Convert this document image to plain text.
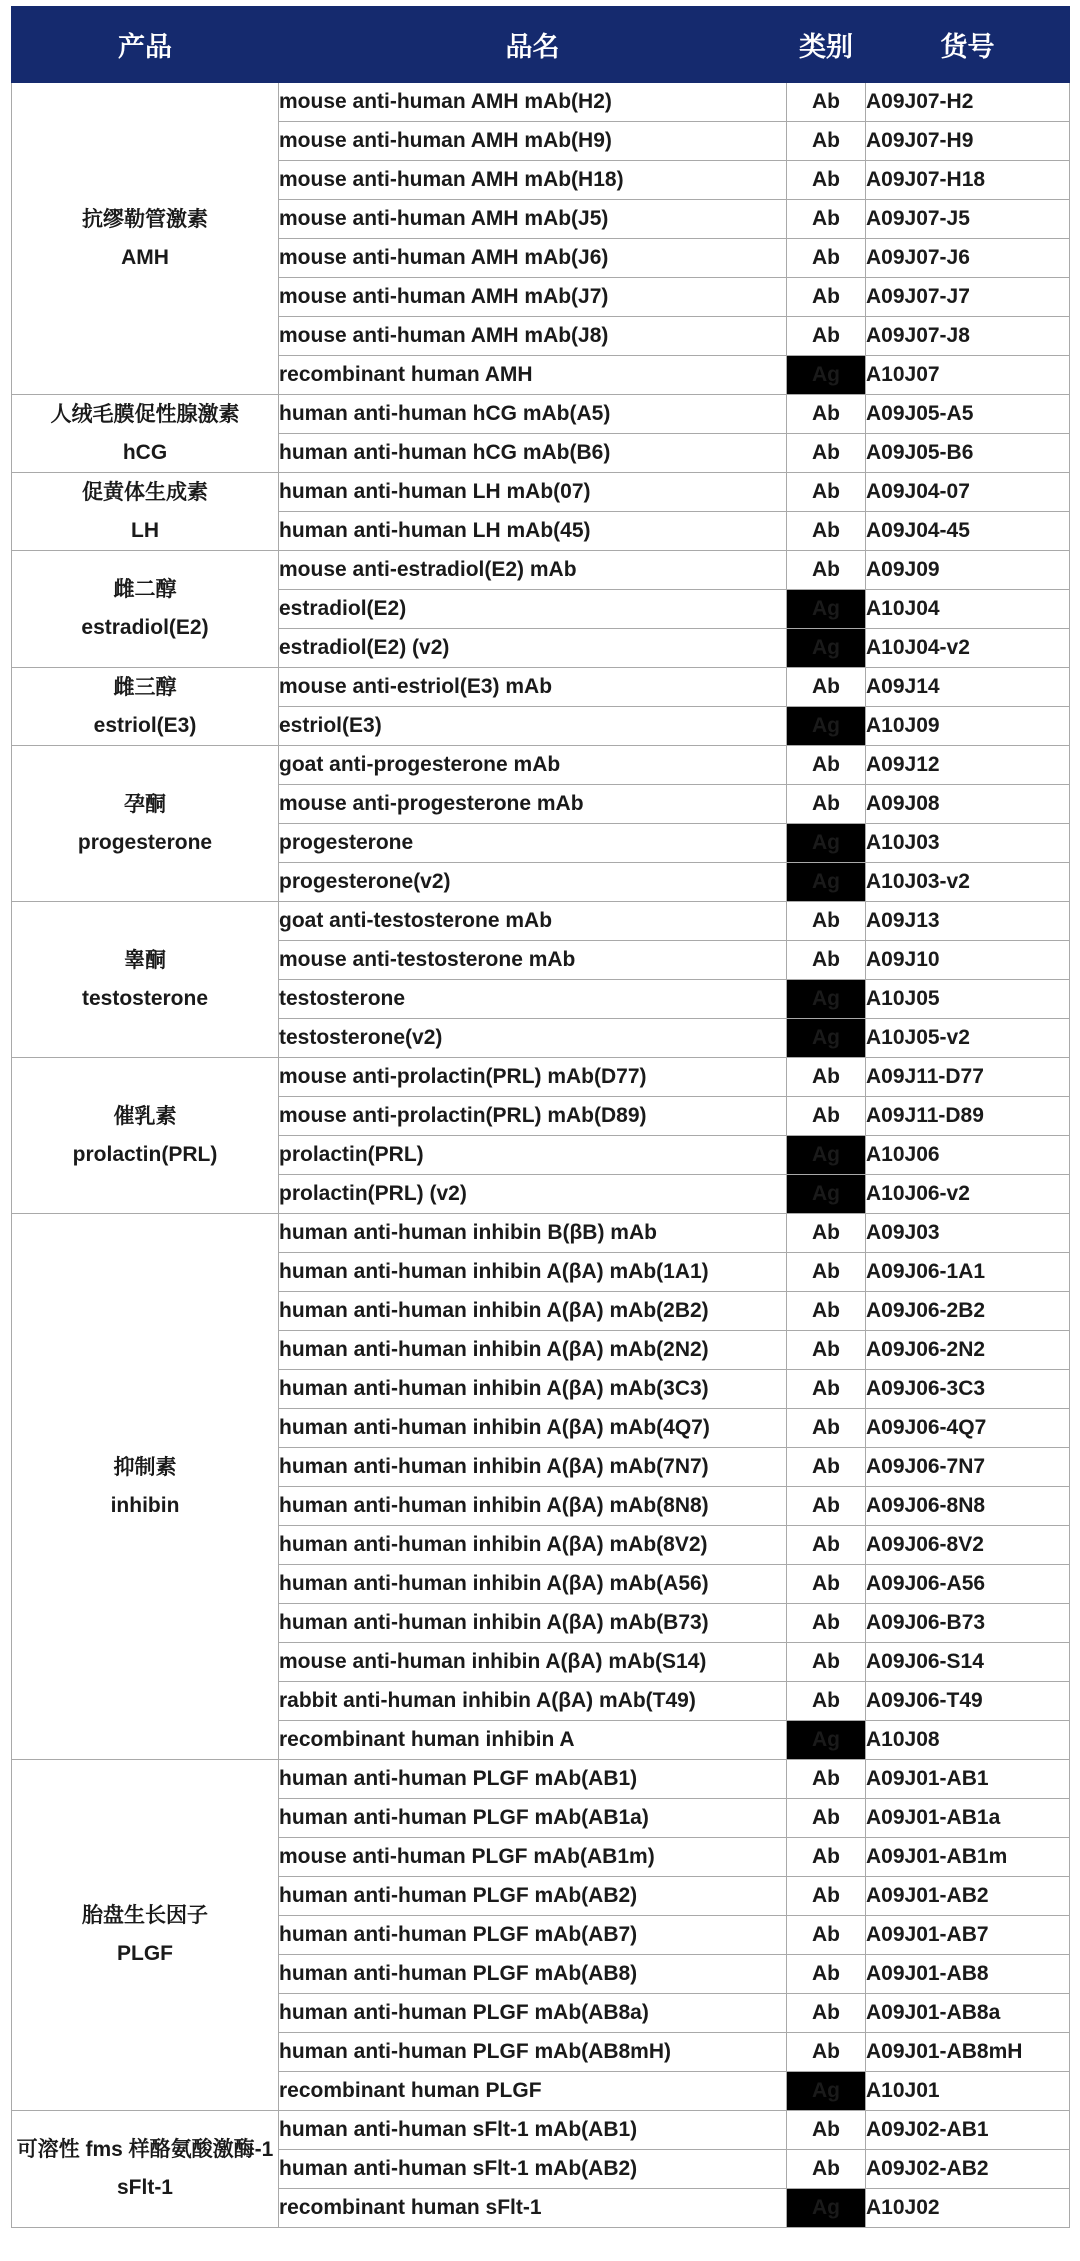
产品	品名	类别	货号

抗缪勒管激素
AMH	mouse anti-human AMH mAb(H2)	Ab	A09J07-H2
	mouse anti-human AMH mAb(H9)	Ab	A09J07-H9
	mouse anti-human AMH mAb(H18)	Ab	A09J07-H18
	mouse anti-human AMH mAb(J5)	Ab	A09J07-J5
	mouse anti-human AMH mAb(J6)	Ab	A09J07-J6
	mouse anti-human AMH mAb(J7)	Ab	A09J07-J7
	mouse anti-human AMH mAb(J8)	Ab	A09J07-J8
	recombinant human AMH	Ag	A10J07

人绒毛膜促性腺激素
hCG	human anti-human hCG mAb(A5)	Ab	A09J05-A5
	human anti-human hCG mAb(B6)	Ab	A09J05-B6

促黄体生成素
LH	human anti-human LH mAb(07)	Ab	A09J04-07
	human anti-human LH mAb(45)	Ab	A09J04-45

雌二醇
estradiol(E2)	mouse anti-estradiol(E2) mAb	Ab	A09J09
	estradiol(E2)	Ag	A10J04
	estradiol(E2) (v2)	Ag	A10J04-v2

雌三醇
estriol(E3)	mouse anti-estriol(E3) mAb	Ab	A09J14
	estriol(E3)	Ag	A10J09

孕酮
progesterone	goat anti-progesterone mAb	Ab	A09J12
	mouse anti-progesterone mAb	Ab	A09J08
	progesterone	Ag	A10J03
	progesterone(v2)	Ag	A10J03-v2

睾酮
testosterone	goat anti-testosterone mAb	Ab	A09J13
	mouse anti-testosterone mAb	Ab	A09J10
	testosterone	Ag	A10J05
	testosterone(v2)	Ag	A10J05-v2

催乳素
prolactin(PRL)	mouse anti-prolactin(PRL) mAb(D77)	Ab	A09J11-D77
	mouse anti-prolactin(PRL) mAb(D89)	Ab	A09J11-D89
	prolactin(PRL)	Ag	A10J06
	prolactin(PRL) (v2)	Ag	A10J06-v2

抑制素
inhibin	human anti-human inhibin B(βB) mAb	Ab	A09J03
	human anti-human inhibin A(βA) mAb(1A1)	Ab	A09J06-1A1
	human anti-human inhibin A(βA) mAb(2B2)	Ab	A09J06-2B2
	human anti-human inhibin A(βA) mAb(2N2)	Ab	A09J06-2N2
	human anti-human inhibin A(βA) mAb(3C3)	Ab	A09J06-3C3
	human anti-human inhibin A(βA) mAb(4Q7)	Ab	A09J06-4Q7
	human anti-human inhibin A(βA) mAb(7N7)	Ab	A09J06-7N7
	human anti-human inhibin A(βA) mAb(8N8)	Ab	A09J06-8N8
	human anti-human inhibin A(βA) mAb(8V2)	Ab	A09J06-8V2
	human anti-human inhibin A(βA) mAb(A56)	Ab	A09J06-A56
	human anti-human inhibin A(βA) mAb(B73)	Ab	A09J06-B73
	mouse anti-human inhibin A(βA) mAb(S14)	Ab	A09J06-S14
	rabbit anti-human inhibin A(βA) mAb(T49)	Ab	A09J06-T49
	recombinant human inhibin A	Ag	A10J08

胎盘生长因子
PLGF	human anti-human PLGF mAb(AB1)	Ab	A09J01-AB1
	human anti-human PLGF mAb(AB1a)	Ab	A09J01-AB1a
	mouse anti-human PLGF mAb(AB1m)	Ab	A09J01-AB1m
	human anti-human PLGF mAb(AB2)	Ab	A09J01-AB2
	human anti-human PLGF mAb(AB7)	Ab	A09J01-AB7
	human anti-human PLGF mAb(AB8)	Ab	A09J01-AB8
	human anti-human PLGF mAb(AB8a)	Ab	A09J01-AB8a
	human anti-human PLGF mAb(AB8mH)	Ab	A09J01-AB8mH
	recombinant human PLGF	Ag	A10J01

可溶性 fms 样酪氨酸激酶-1
sFlt-1	human anti-human sFlt-1 mAb(AB1)	Ab	A09J02-AB1
	human anti-human sFlt-1 mAb(AB2)	Ab	A09J02-AB2
	recombinant human sFlt-1	Ag	A10J02
